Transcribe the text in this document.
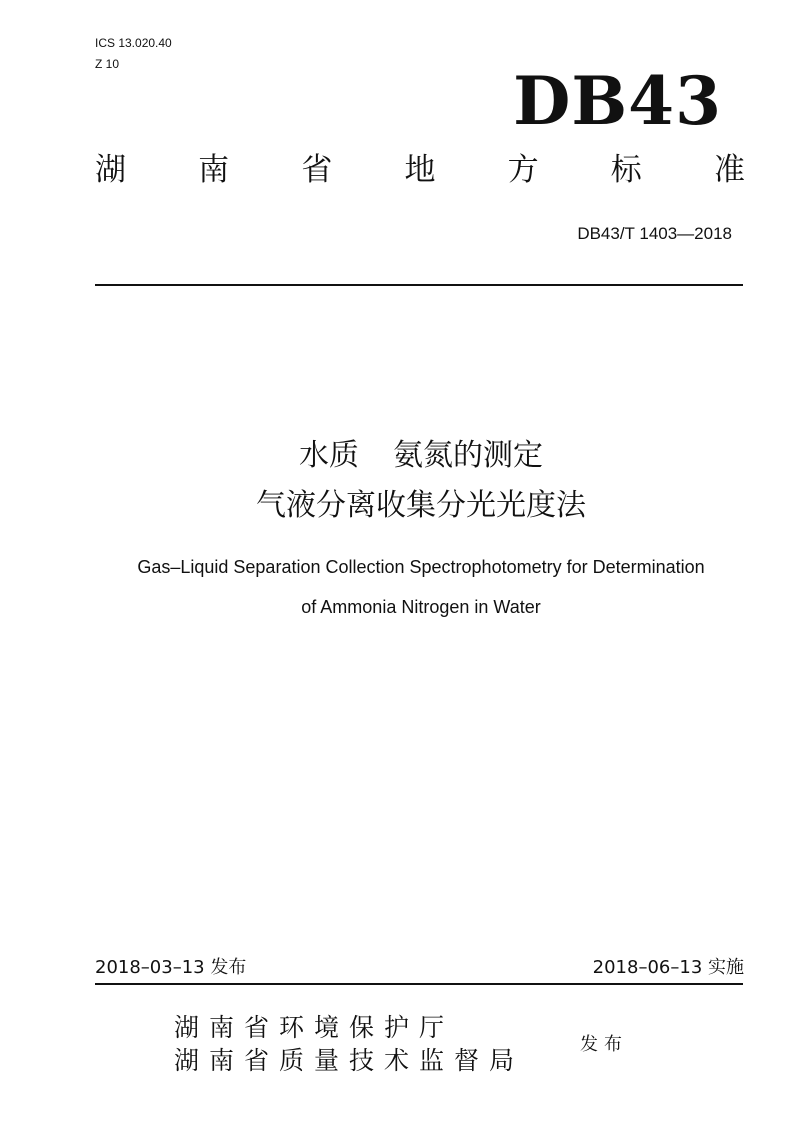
ICS 13.020.40
Z 10	DB43
湖 南 省 地 方 标 准
DB43/T 1403—2018
水质 氨氮的测定
气液分离收集分光光度法
Gas–Liquid Separation Collection Spectrophotometry for Determination
of Ammonia Nitrogen in Water
2018–03–13 发布	2018–06–13 实施
湖南省环境保护厅
湖南省质量技术监督局
发布
